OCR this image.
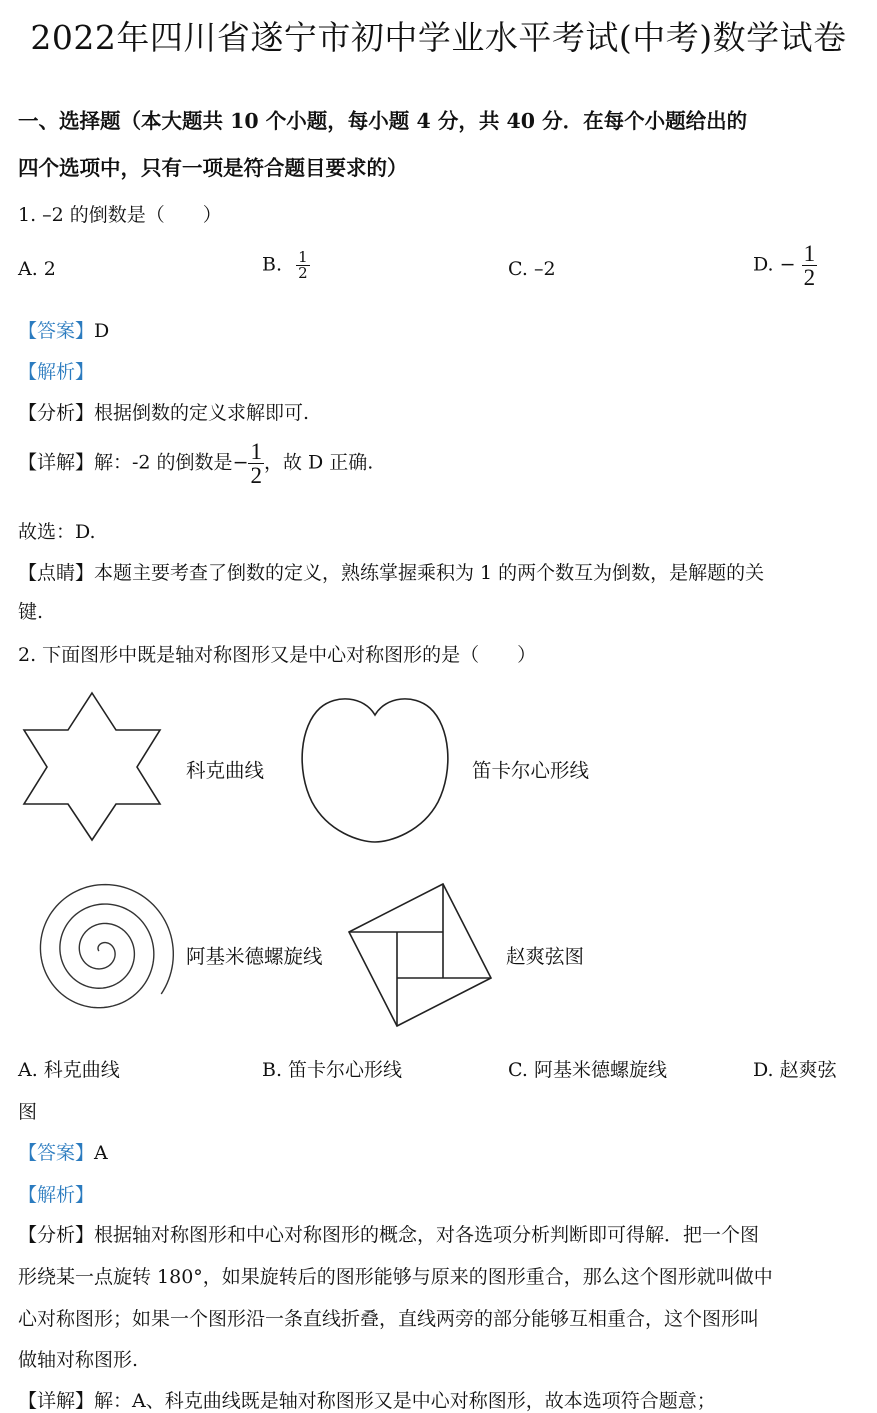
2022年四川省遂宁市初中学业水平考试(中考)数学试卷
一、选择题（本大题共 10 个小题，每小题 4 分，共 40 分．在每个小题给出的
四个选项中，只有一项是符合题目要求的）
1. –2 的倒数是（　　）
A. 2	B. $\frac{1}{2}$	C. –2	D. − $\frac{1}{2}$
【答案】D
【解析】
【分析】根据倒数的定义求解即可.
【详解】解：-2 的倒数是− $\frac{1}{2}$ ，故 D 正确.
故选：D.
【点睛】本题主要考查了倒数的定义，熟练掌握乘积为 1 的两个数互为倒数，是解题的关
键.
2. 下面图形中既是轴对称图形又是中心对称图形的是（　　）
科克曲线	笛卡尔心形线
阿基米德螺旋线	赵爽弦图
A. 科克曲线	B. 笛卡尔心形线	C. 阿基米德螺旋线	D. 赵爽弦
图
【答案】A
【解析】
【分析】根据轴对称图形和中心对称图形的概念，对各选项分析判断即可得解．把一个图
形绕某一点旋转 180°，如果旋转后的图形能够与原来的图形重合，那么这个图形就叫做中
心对称图形；如果一个图形沿一条直线折叠，直线两旁的部分能够互相重合，这个图形叫
做轴对称图形.
【详解】解：A、科克曲线既是轴对称图形又是中心对称图形，故本选项符合题意；
